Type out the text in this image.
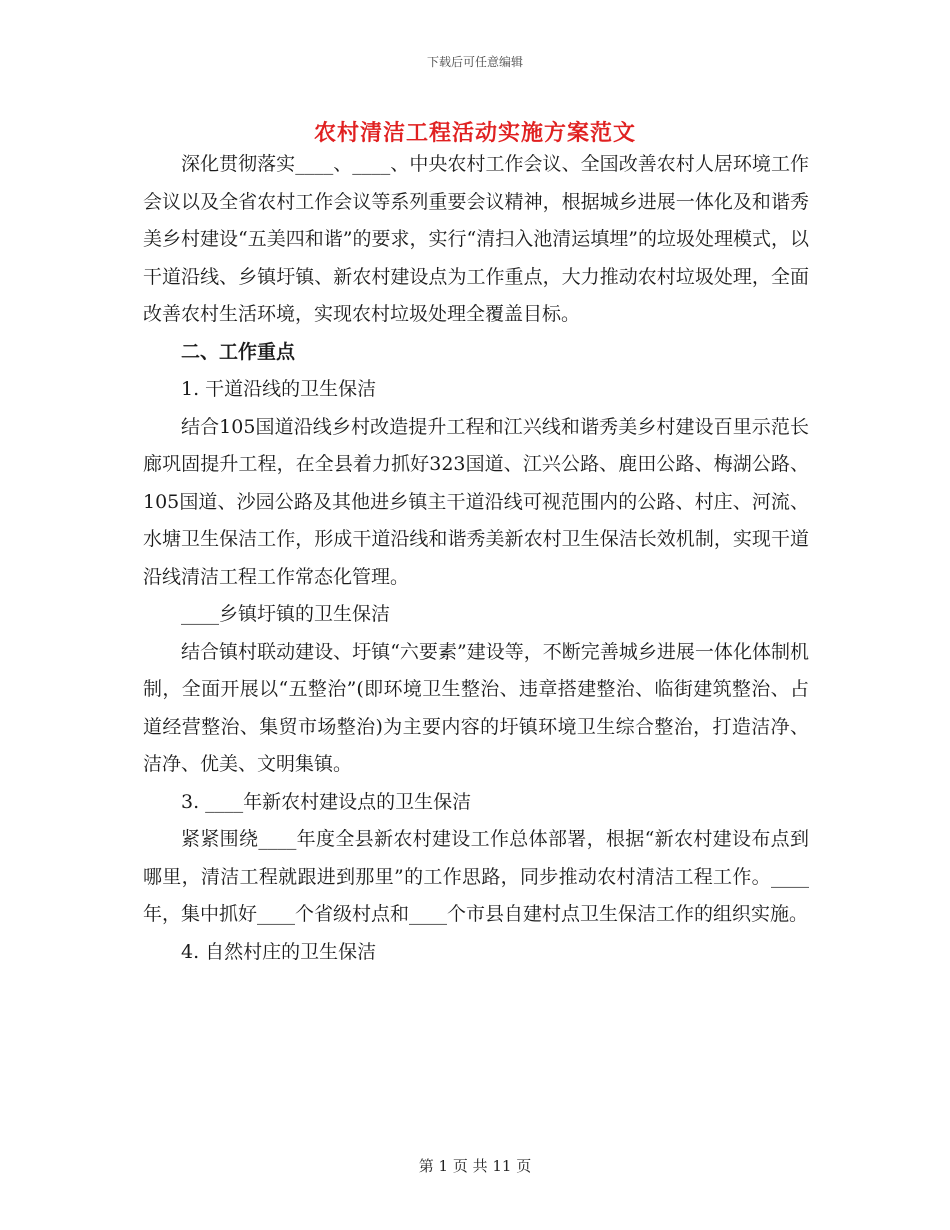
下载后可任意编辑
农村清洁工程活动实施方案范文

深化贯彻落实____、____、中央农村工作会议、全国改善农村人居环境工作会议以及全省农村工作会议等系列重要会议精神，根据城乡进展一体化及和谐秀美乡村建设“五美四和谐”的要求，实行“清扫入池清运填埋”的垃圾处理模式，以干道沿线、乡镇圩镇、新农村建设点为工作重点，大力推动农村垃圾处理，全面改善农村生活环境，实现农村垃圾处理全覆盖目标。

二、工作重点

1. 干道沿线的卫生保洁

结合105国道沿线乡村改造提升工程和江兴线和谐秀美乡村建设百里示范长廊巩固提升工程，在全县着力抓好323国道、江兴公路、鹿田公路、梅湖公路、105国道、沙园公路及其他进乡镇主干道沿线可视范围内的公路、村庄、河流、水塘卫生保洁工作，形成干道沿线和谐秀美新农村卫生保洁长效机制，实现干道沿线清洁工程工作常态化管理。

____乡镇圩镇的卫生保洁

结合镇村联动建设、圩镇“六要素”建设等，不断完善城乡进展一体化体制机制，全面开展以“五整治”(即环境卫生整治、违章搭建整治、临街建筑整治、占道经营整治、集贸市场整治)为主要内容的圩镇环境卫生综合整治，打造洁净、洁净、优美、文明集镇。

3. ____年新农村建设点的卫生保洁

紧紧围绕____年度全县新农村建设工作总体部署，根据“新农村建设布点到哪里，清洁工程就跟进到那里”的工作思路，同步推动农村清洁工程工作。____年，集中抓好____个省级村点和____个市县自建村点卫生保洁工作的组织实施。

4. 自然村庄的卫生保洁

第 1 页 共 11 页
